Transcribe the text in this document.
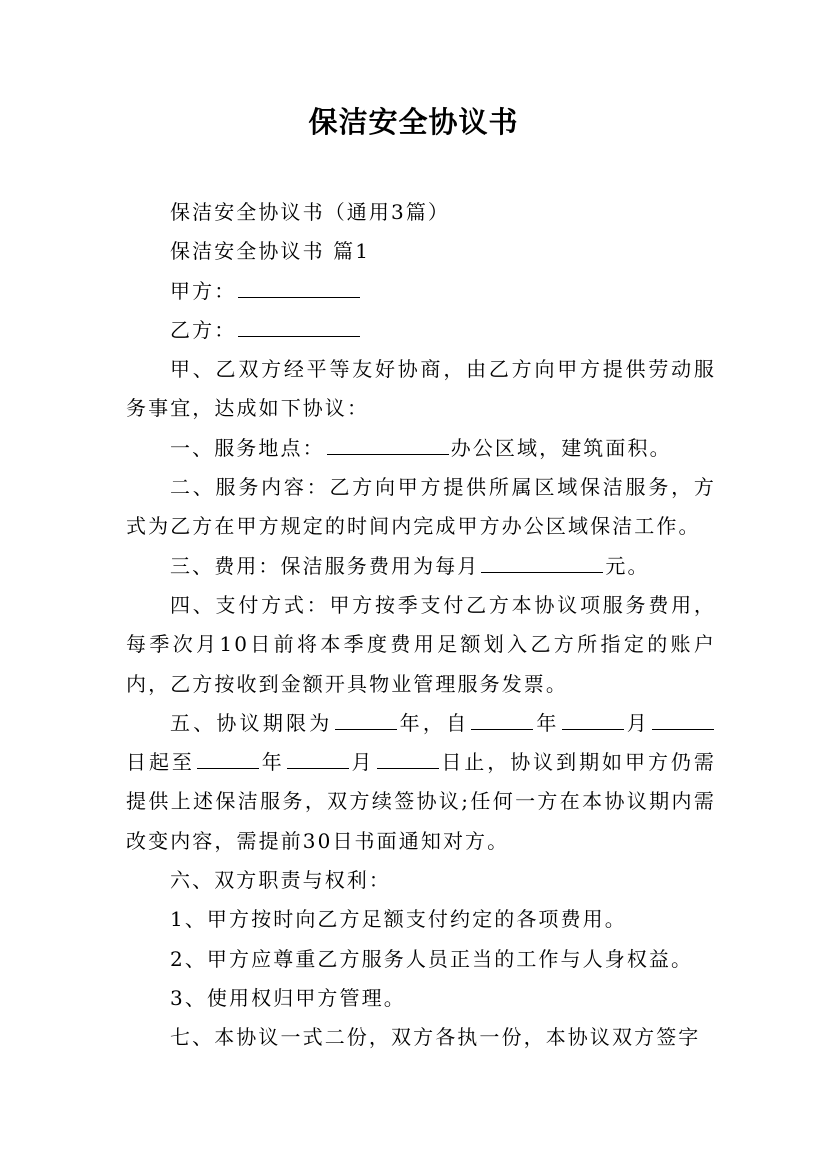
保洁安全协议书

保洁安全协议书（通用3篇）

保洁安全协议书 篇1

甲方：

乙方：

甲、乙双方经平等友好协商，由乙方向甲方提供劳动服务事宜，达成如下协议：

一、服务地点：	办公区域，建筑面积。

二、服务内容：乙方向甲方提供所属区域保洁服务，方式为乙方在甲方规定的时间内完成甲方办公区域保洁工作。

三、费用：保洁服务费用为每月	元。

四、支付方式：甲方按季支付乙方本协议项服务费用，每季次月10日前将本季度费用足额划入乙方所指定的账户内，乙方按收到金额开具物业管理服务发票。

五、协议期限为	年，自	年	月日起至	年	月	日止，协议到期如甲方仍需提供上述保洁服务，双方续签协议;任何一方在本协议期内需改变内容，需提前30日书面通知对方。

六、双方职责与权利：

1、甲方按时向乙方足额支付约定的各项费用。

2、甲方应尊重乙方服务人员正当的工作与人身权益。

3、使用权归甲方管理。

七、本协议一式二份，双方各执一份，本协议双方签字
